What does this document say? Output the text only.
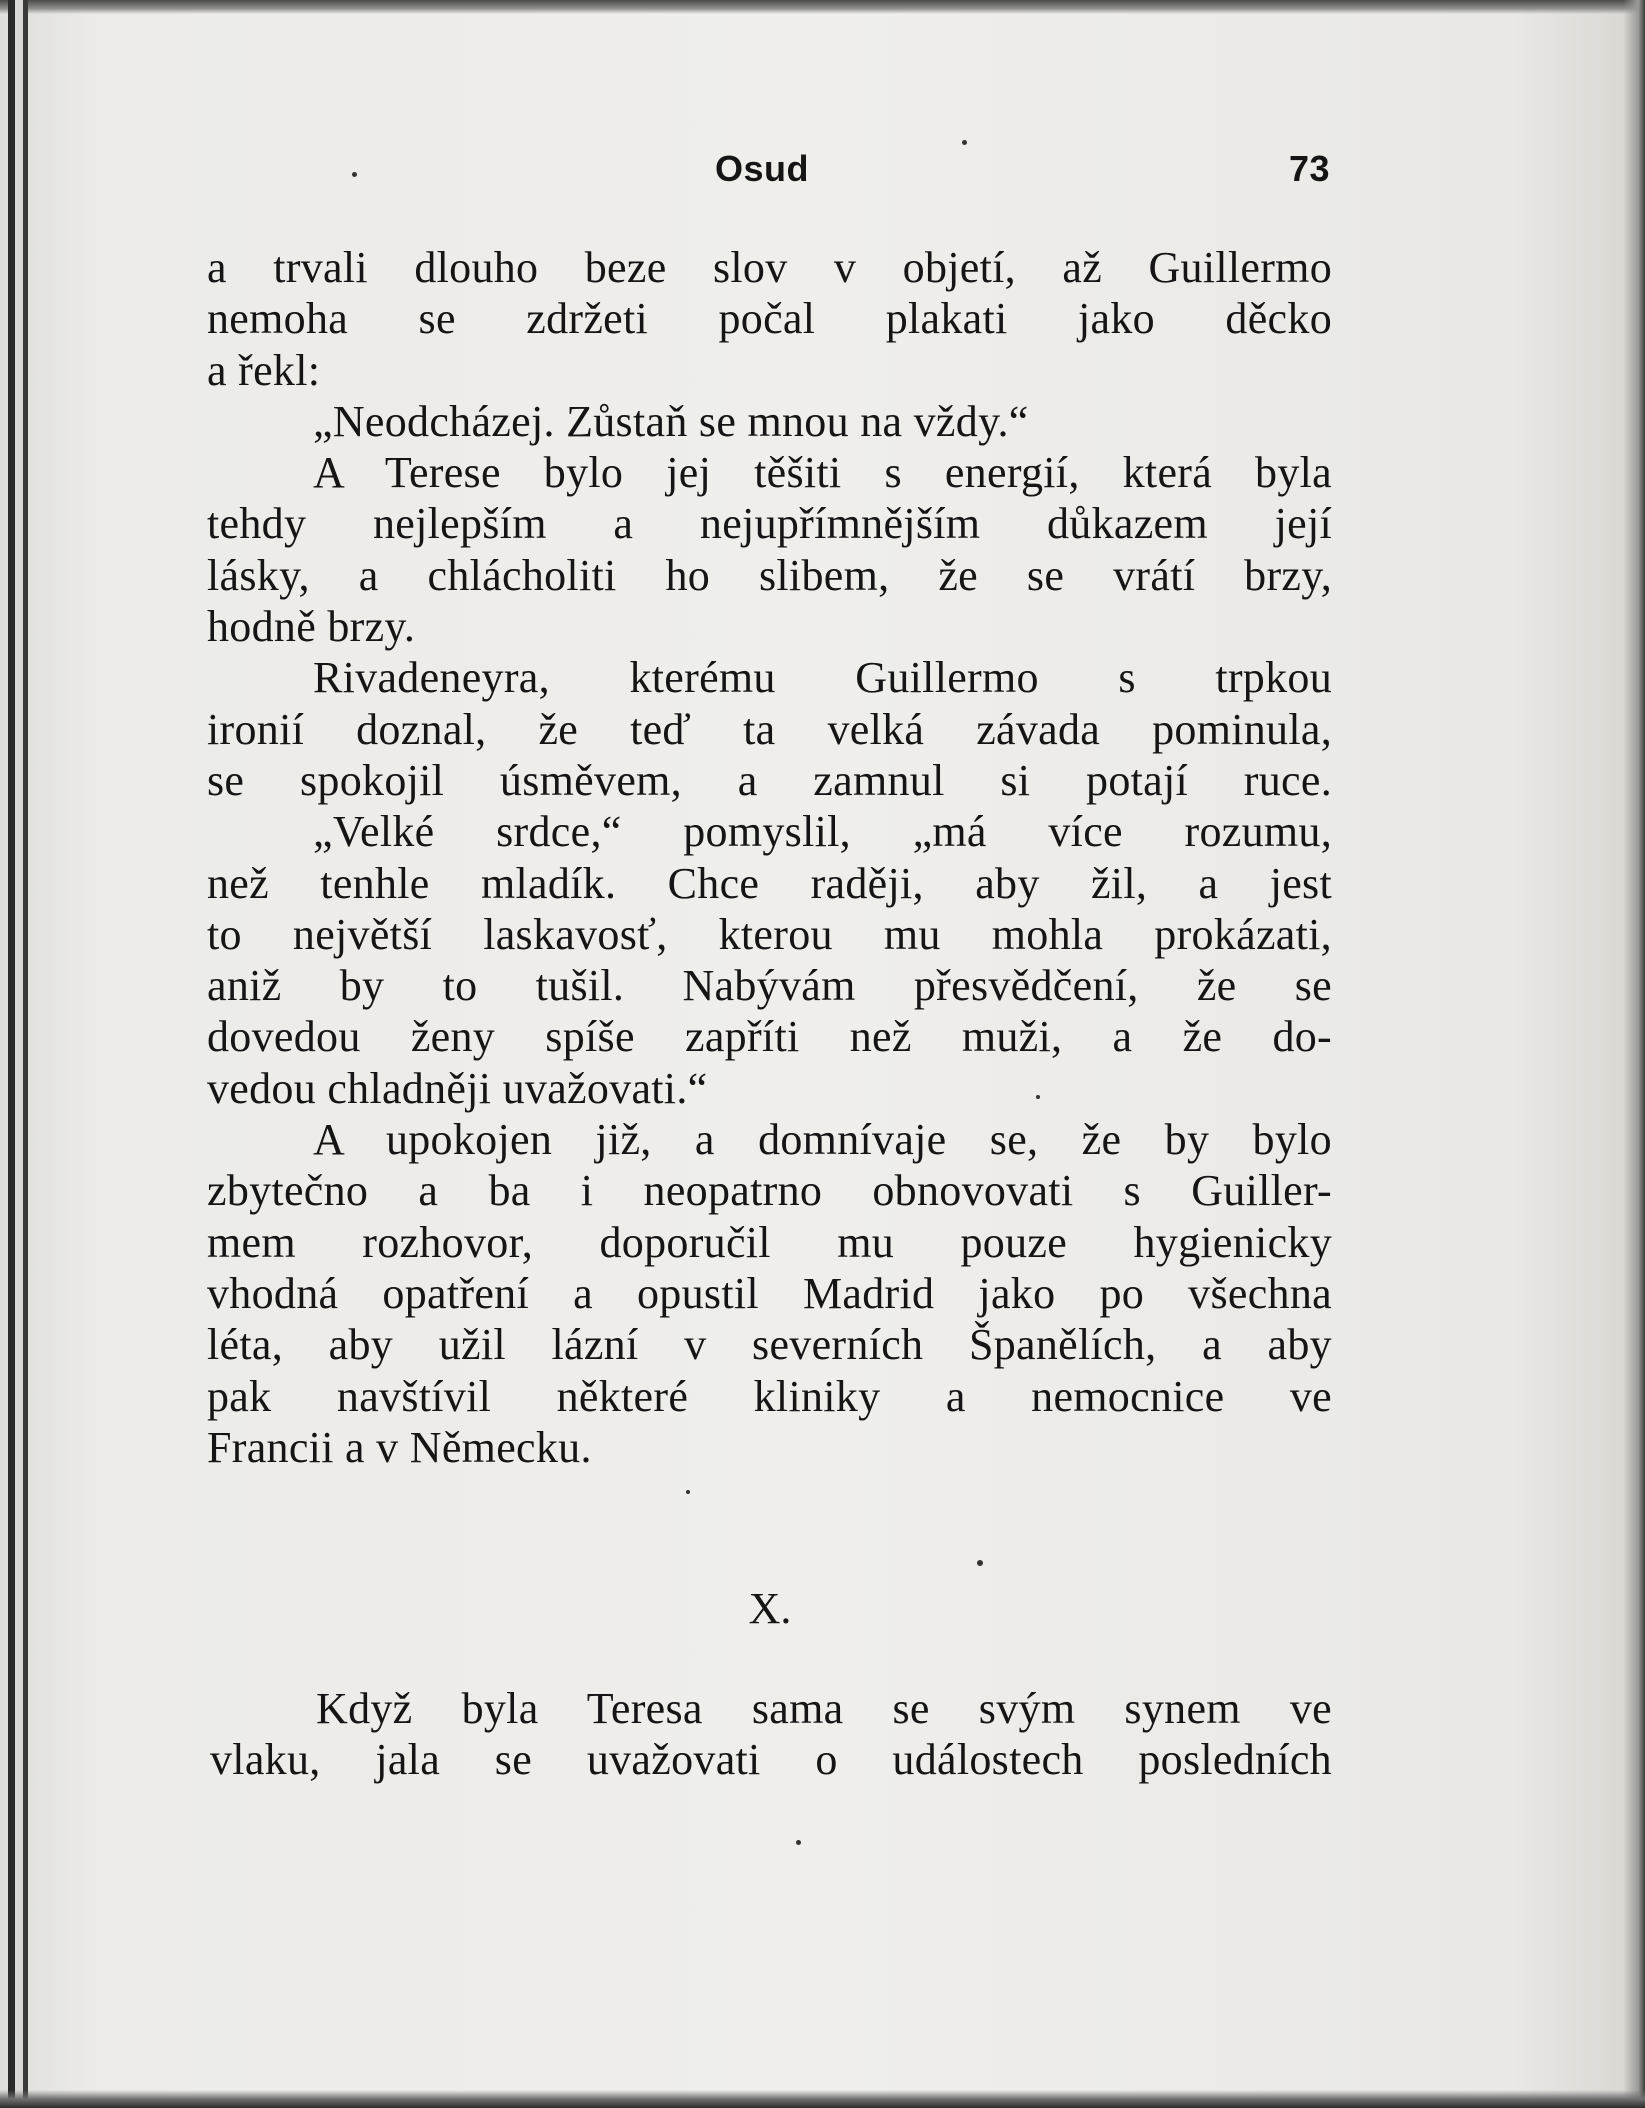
Osud	73
a trvali dlouho beze slov v objetí, až Guillermo
nemoha se zdržeti počal plakati jako děcko
a řekl:
„Neodcházej. Zůstaň se mnou na vždy.“
A Terese bylo jej těšiti s energií, která byla
tehdy nejlepším a nejupřímnějším důkazem její
lásky, a chlácholiti ho slibem, že se vrátí brzy,
hodně brzy.
Rivadeneyra, kterému Guillermo s trpkou
ironií doznal, že teď ta velká závada pominula,
se spokojil úsměvem, a zamnul si potají ruce.
„Velké srdce,“ pomyslil, „má více rozumu,
než tenhle mladík. Chce raději, aby žil, a jest
to největší laskavosť, kterou mu mohla prokázati,
aniž by to tušil. Nabývám přesvědčení, že se
dovedou ženy spíše zapříti než muži, a že do-
vedou chladněji uvažovati.“
A upokojen již, a domnívaje se, že by bylo
zbytečno a ba i neopatrno obnovovati s Guiller-
mem rozhovor, doporučil mu pouze hygienicky
vhodná opatření a opustil Madrid jako po všechna
léta, aby užil lázní v severních Španělích, a aby
pak navštívil některé kliniky a nemocnice ve
Francii a v Německu.
X.
Když byla Teresa sama se svým synem ve
vlaku, jala se uvažovati o událostech posledních
